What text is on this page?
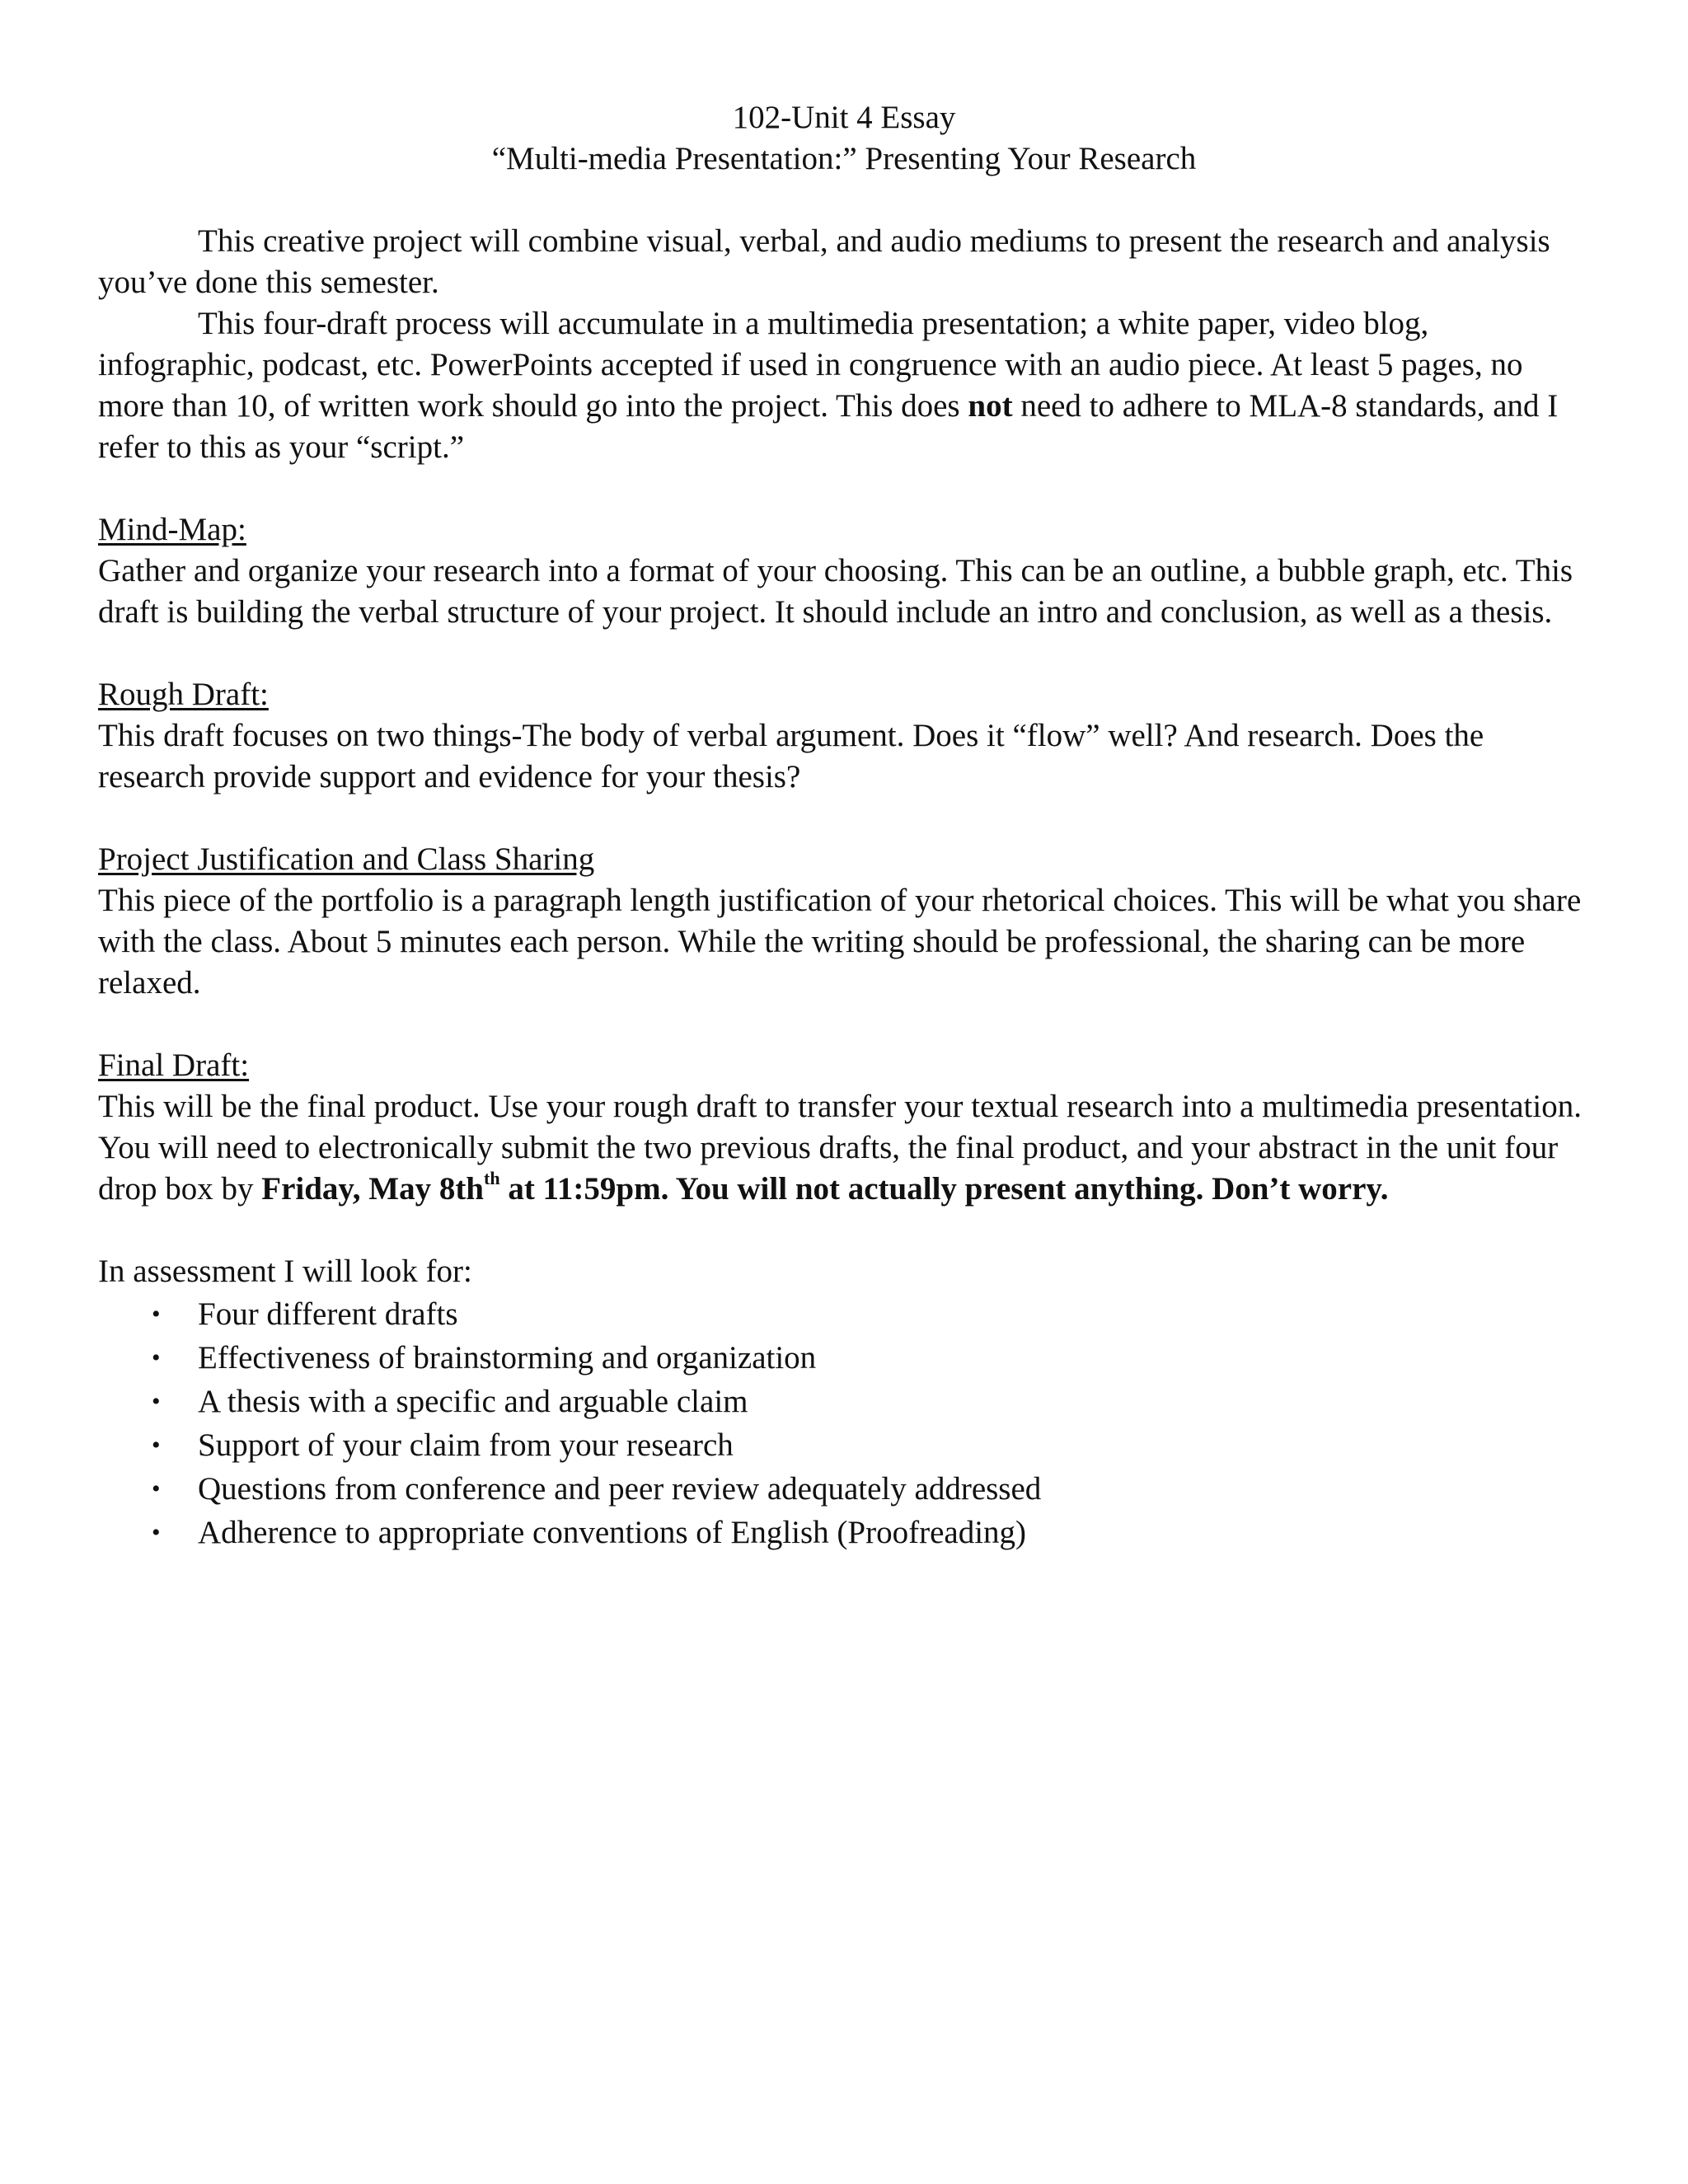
102-Unit 4 Essay
“Multi-media Presentation:” Presenting Your Research

This creative project will combine visual, verbal, and audio mediums to present the research and analysis you’ve done this semester.

This four-draft process will accumulate in a multimedia presentation; a white paper, video blog, infographic, podcast, etc. PowerPoints accepted if used in congruence with an audio piece. At least 5 pages, no more than 10, of written work should go into the project. This does not need to adhere to MLA-8 standards, and I refer to this as your “script.”

Mind-Map:

Gather and organize your research into a format of your choosing. This can be an outline, a bubble graph, etc. This draft is building the verbal structure of your project. It should include an intro and conclusion, as well as a thesis.

Rough Draft:

This draft focuses on two things-The body of verbal argument. Does it “flow” well? And research. Does the research provide support and evidence for your thesis?

Project Justification and Class Sharing

This piece of the portfolio is a paragraph length justification of your rhetorical choices. This will be what you share with the class. About 5 minutes each person. While the writing should be professional, the sharing can be more relaxed.

Final Draft:

This will be the final product. Use your rough draft to transfer your textual research into a multimedia presentation. You will need to electronically submit the two previous drafts, the final product, and your abstract in the unit four drop box by Friday, May $8th^{th}$ at 11:59pm. You will not actually present anything. Don’t worry.

In assessment I will look for:
• Four different drafts
• Effectiveness of brainstorming and organization
• A thesis with a specific and arguable claim
• Support of your claim from your research
• Questions from conference and peer review adequately addressed
• Adherence to appropriate conventions of English (Proofreading)
